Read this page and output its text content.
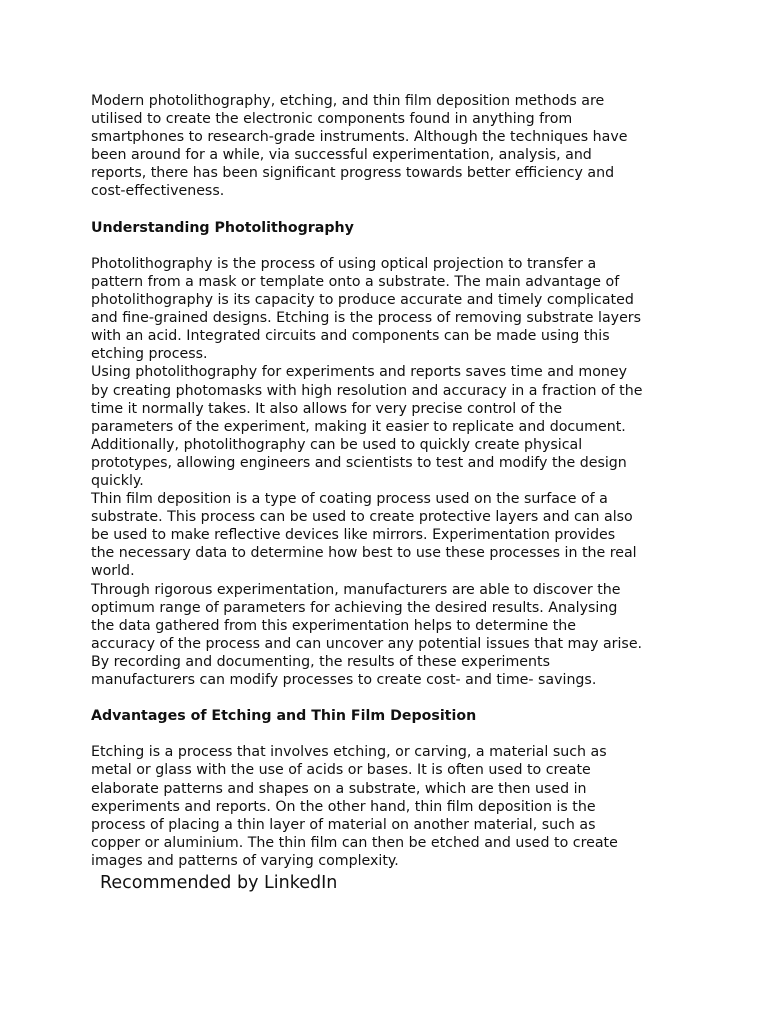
Modern photolithography, etching, and thin film deposition methods are
utilised to create the electronic components found in anything from
smartphones to research-grade instruments. Although the techniques have
been around for a while, via successful experimentation, analysis, and
reports, there has been significant progress towards better efficiency and
cost-effectiveness.

Understanding Photolithography

Photolithography is the process of using optical projection to transfer a
pattern from a mask or template onto a substrate. The main advantage of
photolithography is its capacity to produce accurate and timely complicated
and fine-grained designs. Etching is the process of removing substrate layers
with an acid. Integrated circuits and components can be made using this
etching process.

Using photolithography for experiments and reports saves time and money
by creating photomasks with high resolution and accuracy in a fraction of the
time it normally takes. It also allows for very precise control of the
parameters of the experiment, making it easier to replicate and document.
Additionally, photolithography can be used to quickly create physical
prototypes, allowing engineers and scientists to test and modify the design
quickly.

Thin film deposition is a type of coating process used on the surface of a
substrate. This process can be used to create protective layers and can also
be used to make reflective devices like mirrors. Experimentation provides
the necessary data to determine how best to use these processes in the real
world.

Through rigorous experimentation, manufacturers are able to discover the
optimum range of parameters for achieving the desired results. Analysing
the data gathered from this experimentation helps to determine the
accuracy of the process and can uncover any potential issues that may arise.
By recording and documenting, the results of these experiments
manufacturers can modify processes to create cost- and time- savings.

Advantages of Etching and Thin Film Deposition

Etching is a process that involves etching, or carving, a material such as
metal or glass with the use of acids or bases. It is often used to create
elaborate patterns and shapes on a substrate, which are then used in
experiments and reports. On the other hand, thin film deposition is the
process of placing a thin layer of material on another material, such as
copper or aluminium. The thin film can then be etched and used to create
images and patterns of varying complexity.

Recommended by LinkedIn
